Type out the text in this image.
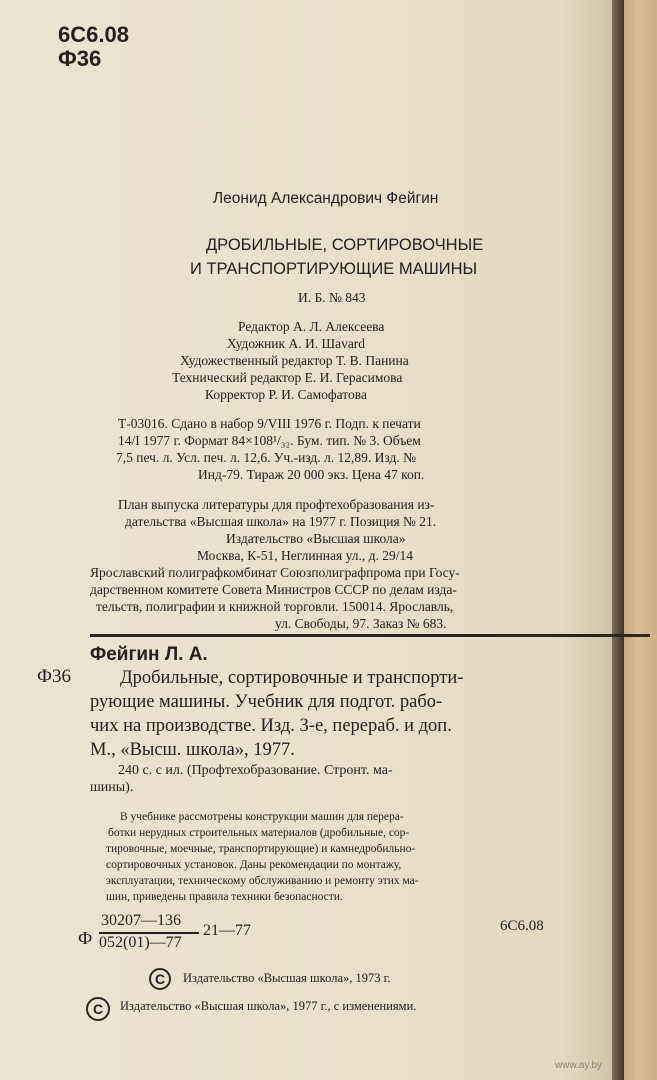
6С6.08
Ф36
Леонид Александрович Фейгин
ДРОБИЛЬНЫЕ, СОРТИРОВОЧНЫЕ
И ТРАНСПОРТИРУЮЩИЕ МАШИНЫ
И. Б. № 843
Редактор А. Л. Алексеева
Художник А. И. Шаvard
Художественный редактор Т. В. Панина
Технический редактор Е. И. Герасимова
Корректор Р. И. Самофатова
Т-03016. Сдано в набор 9/VIII 1976 г. Подп. к печати
14/I 1977 г. Формат 84×108¹/₃₂. Бум. тип. № 3. Объем
7,5 печ. л. Усл. печ. л. 12,6. Уч.-изд. л. 12,89. Изд. №
Инд-79. Тираж 20 000 экз. Цена 47 коп.
План выпуска литературы для профтехобразования из-
дательства «Высшая школа» на 1977 г. Позиция № 21.
Издательство «Высшая школа»
Москва, К-51, Неглинная ул., д. 29/14
Ярославский полиграфкомбинат Союзполиграфпрома при Госу-
дарственном комитете Совета Министров СССР по делам изда-
тельств, полиграфии и книжной торговли. 150014. Ярославль,
ул. Свободы, 97. Заказ № 683.
Фейгин Л. А.
Ф36	Дробильные, сортировочные и транспорти-
рующие машины. Учебник для подгот. рабо-
чих на производстве. Изд. 3-е, перераб. и доп.
М., «Высш. школа», 1977.
240 с. с ил. (Профтехобразование. Стронт. ма-
шины).
В учебнике рассмотрены конструкции машин для перера-
ботки нерудных строительных материалов (дробильные, сор-
тировочные, моечные, транспортирующие) и камнедробильно-
сортировочных установок. Даны рекомендации по монтажу,
эксплуатации, техническому обслуживанию и ремонту этих ма-
шин, приведены правила техники безопасности.
Ф
30207—136
052(01)—77
21—77	6С6.08
C Издательство «Высшая школа», 1973 г.
C Издательство «Высшая школа», 1977 г., с изменениями.
www.ay.by
